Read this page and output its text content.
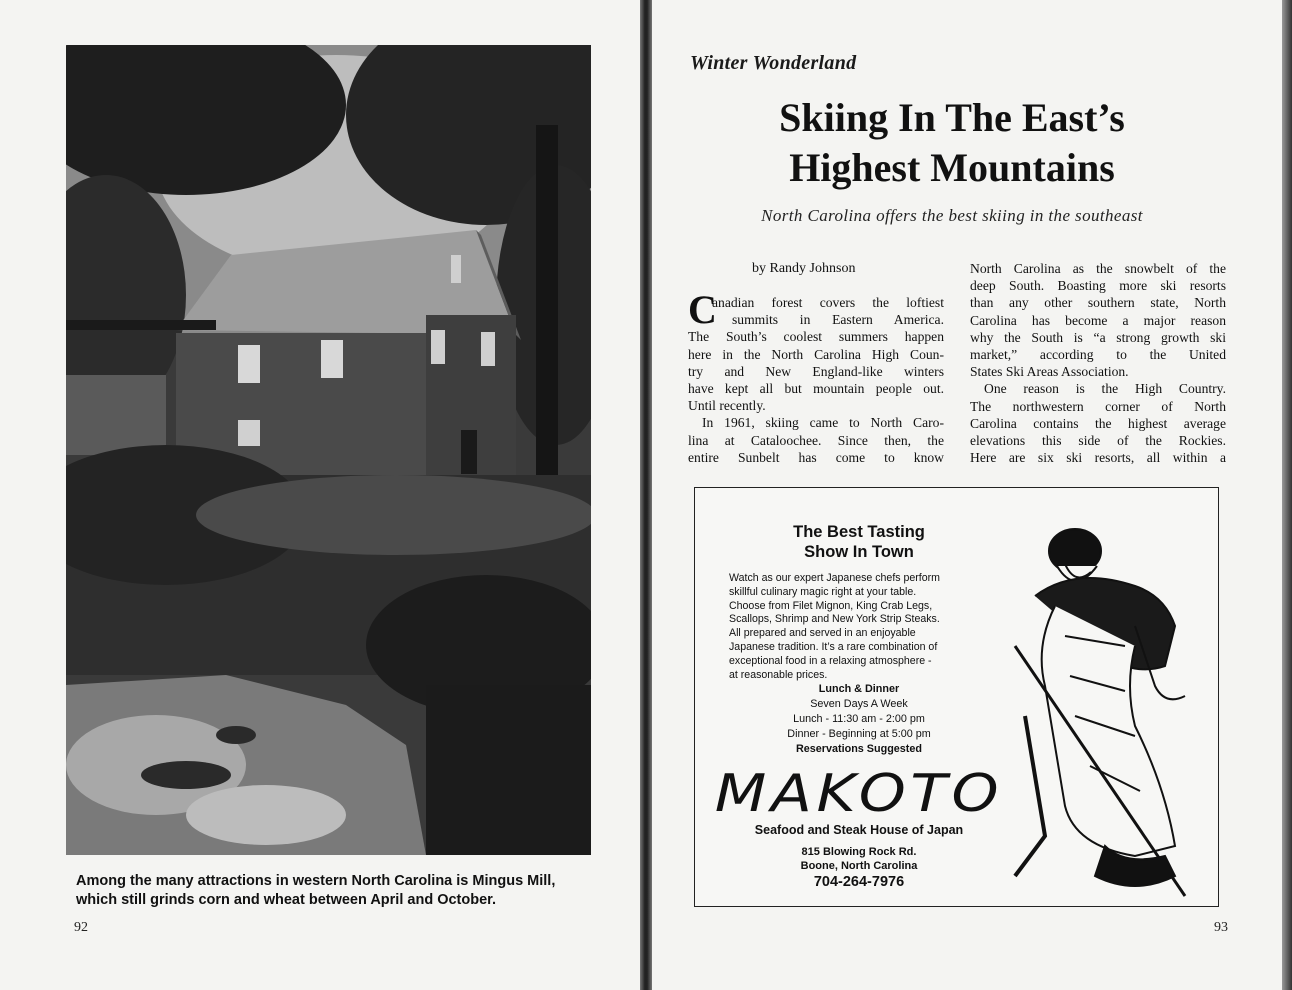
Among the many attractions in western North Carolina is Mingus Mill,
which still grinds corn and wheat between April and October.
92
Winter Wonderland
Skiing In The East’s
Highest Mountains
North Carolina offers the best skiing in the southeast
by Randy Johnson
C
anadian forest covers the loftiest
summits in Eastern America.
The South’s coolest summers happen
here in the North Carolina High Coun-
try and New England-like winters
have kept all but mountain people out.
Until recently.
In 1961, skiing came to North Caro-
lina at Cataloochee. Since then, the
entire Sunbelt has come to know
North Carolina as the snowbelt of the
deep South. Boasting more ski resorts
than any other southern state, North
Carolina has become a major reason
why the South is “a strong growth ski
market,” according to the United
States Ski Areas Association.
One reason is the High Country.
The northwestern corner of North
Carolina contains the highest average
elevations this side of the Rockies.
Here are six ski resorts, all within a
The Best Tasting
Show In Town
Watch as our expert Japanese chefs perform
skillful culinary magic right at your table.
Choose from Filet Mignon, King Crab Legs,
Scallops, Shrimp and New York Strip Steaks.
All prepared and served in an enjoyable
Japanese tradition. It’s a rare combination of
exceptional food in a relaxing atmosphere -
at reasonable prices.
Lunch & Dinner
Seven Days A Week
Lunch - 11:30 am - 2:00 pm
Dinner - Beginning at 5:00 pm
Reservations Suggested
MAKOTO
Seafood and Steak House of Japan
815 Blowing Rock Rd.
Boone, North Carolina
704-264-7976
93
